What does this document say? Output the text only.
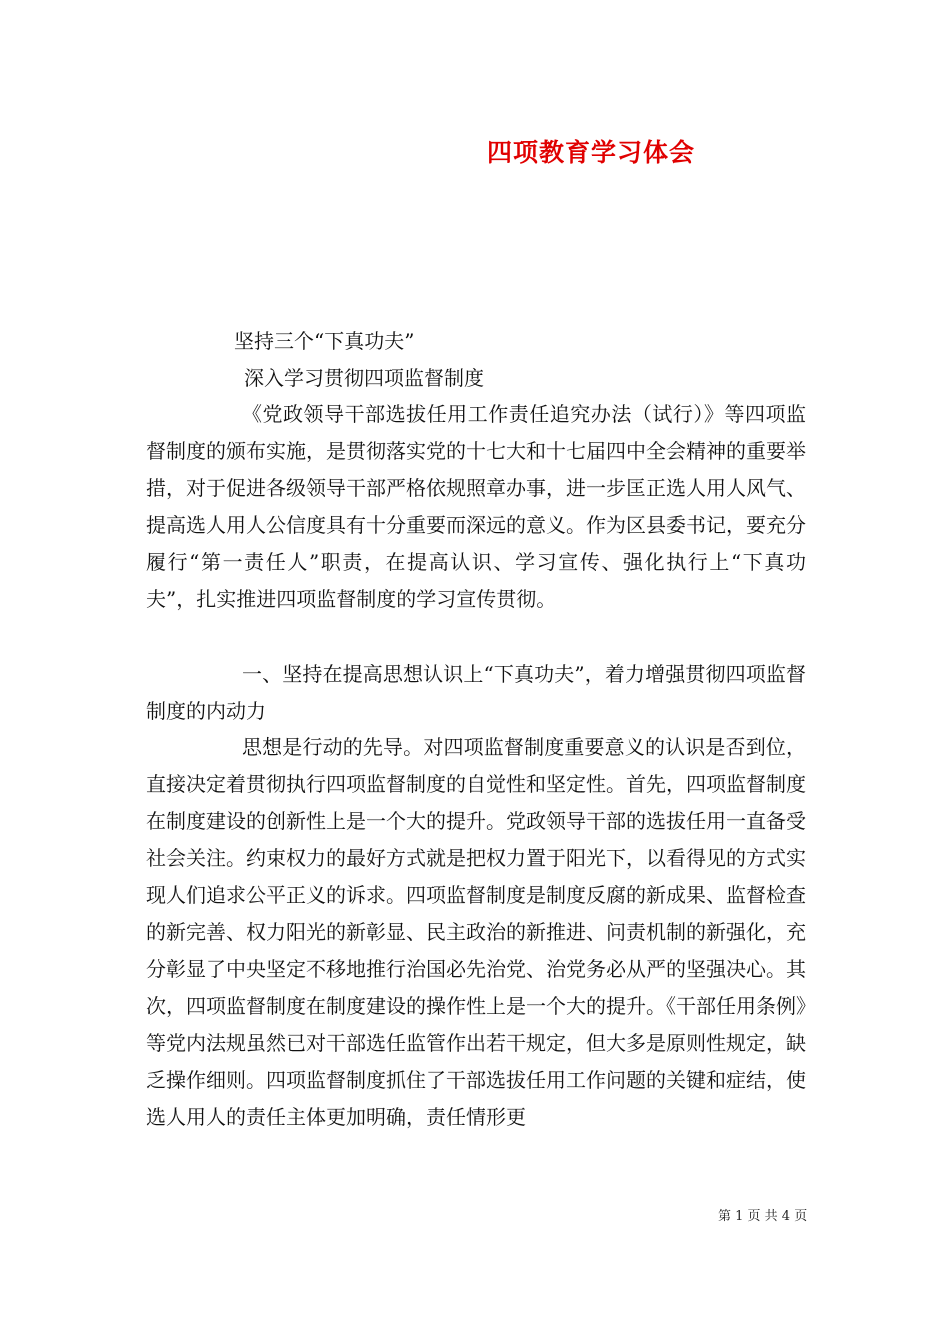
四项教育学习体会
坚持三个“下真功夫”
深入学习贯彻四项监督制度

《党政领导干部选拔任用工作责任追究办法（试行）》等四项监督制度的颁布实施，是贯彻落实党的十七大和十七届四中全会精神的重要举措，对于促进各级领导干部严格依规照章办事，进一步匡正选人用人风气、提高选人用人公信度具有十分重要而深远的意义。作为区县委书记，要充分履行“第一责任人”职责，在提高认识、学习宣传、强化执行上“下真功夫”，扎实推进四项监督制度的学习宣传贯彻。

一、坚持在提高思想认识上“下真功夫”，着力增强贯彻四项监督制度的内动力

思想是行动的先导。对四项监督制度重要意义的认识是否到位，直接决定着贯彻执行四项监督制度的自觉性和坚定性。首先，四项监督制度在制度建设的创新性上是一个大的提升。党政领导干部的选拔任用一直备受社会关注。约束权力的最好方式就是把权力置于阳光下，以看得见的方式实现人们追求公平正义的诉求。四项监督制度是制度反腐的新成果、监督检查的新完善、权力阳光的新彰显、民主政治的新推进、问责机制的新强化，充分彰显了中央坚定不移地推行治国必先治党、治党务必从严的坚强决心。其次，四项监督制度在制度建设的操作性上是一个大的提升。《干部任用条例》等党内法规虽然已对干部选任监管作出若干规定，但大多是原则性规定，缺乏操作细则。四项监督制度抓住了干部选拔任用工作问题的关键和症结，使选人用人的责任主体更加明确，责任情形更

第 1 页 共 4 页
